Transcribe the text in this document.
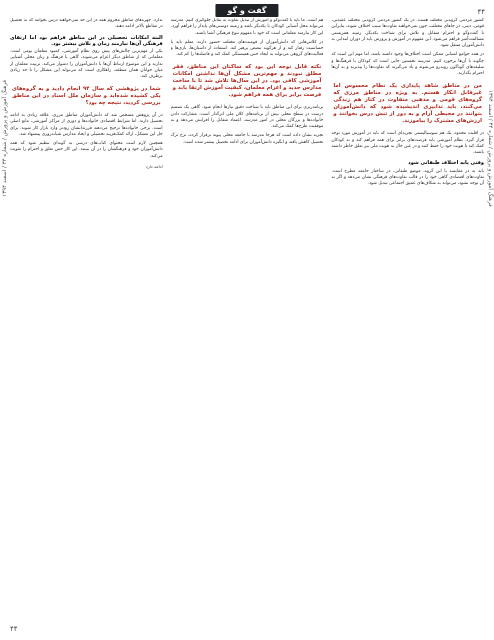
گفت و گو	۴۴
۴۴
فرهنگ آموزش و پرورش / شماره ۳۴ / اسفند ۱۳۹۴	فرهنگ آموزش و پرورش / شماره ۳۴ / اسفند ۱۳۹۴

کشور مردمی گروه‌بی مختلف هست. در یک کشور مردمی گروه‌بی مختلف عقیدتی، قومی، دینی، در جاهای مختلف، چون نمی‌خواهند تفاوت‌ها سبب اختلاف شوند، بنابراین با گفت‌وگو و احترام متقابل و تلاش برای شناخت یکدیگر، زمینه همزیستی مسالمت‌آمیز فراهم می‌شود. این مفهوم در آموزش و پرورش باید از دوران ابتدایی به دانش‌آموزان منتقل شود.

در همه جوامع انسانی ممکن است اختلاف‌ها وجود داشته باشد، اما مهم این است که چگونه با آن‌ها برخورد کنیم. مدرسه نخستین جایی است که کودکان با فرهنگ‌ها و سلیقه‌های گوناگون روبه‌رو می‌شوند و یاد می‌گیرند که تفاوت‌ها را بپذیرند و به آن‌ها احترام بگذارند.

من در مناطق شاهد پایداری یک نظام محسوس اما غیرقابل انکار هستم. به ویژه در مناطق مرزی که گروه‌های قومی و مذهبی متفاوت در کنار هم زندگی می‌کنند، باید تدابیری اندیشیده شود که دانش‌آموزان بتوانند در محیطی آرام و به دور از تنش درس بخوانند و ارزش‌های مشترک را بیاموزند.

در اقلیت محدود، یک هم‌ سوسیالیستی تجربه‌ای است که باید در آموزش مورد توجه قرار گیرد. نظام آموزشی باید فرصت‌های برابر برای همه فراهم کند و به کودکان کمک کند تا هویت خود را حفظ کنند و در عین حال به هویت ملی نیز تعلق خاطر داشته باشند.

وقتی پایه اختلاف طبقاتی شود

باید به در مقایسه با این گروه، موضع طبقاتی، در ساختار جامعه مطرح است. تفاوت‌های اقتصادی گاهی خود را در قالب تفاوت‌های فرهنگی نشان می‌دهد و اگر به آن توجه نشود، می‌تواند به شکاف‌های عمیق اجتماعی تبدیل شود.

هم است. ما باید با گفت‌وگو و آموزش از تبدیل تفاوت به تقابل جلوگیری کنیم. مدرسه می‌تواند محل آشنایی کودکان با یکدیگر باشد و زمینه دوستی‌های پایدار را فراهم آورد. این کار نیازمند معلمانی است که خود با مفهوم تنوع فرهنگی آشنا باشند.

در کلاس‌هایی که دانش‌آموزان از قومیت‌های مختلف حضور دارند، معلم باید با حساسیت رفتار کند و از هرگونه تبعیض پرهیز کند. استفاده از داستان‌ها، بازی‌ها و فعالیت‌های گروهی می‌تواند به ایجاد حس همبستگی کمک کند و فاصله‌ها را کم کند.

نکته قابل توجه این بود که ساکنان این مناطق، فقر مطلق نبودند و مهم‌ترین مشکل آن‌ها نداشتن امکانات آموزشی کافی بود. در این سال‌ها تلاش شد تا با ساخت مدارس جدید و اعزام معلمان، کیفیت آموزش ارتقا یابد و فرصت برابر برای همه فراهم شود.

برنامه‌ریزی برای این مناطق باید با شناخت دقیق نیازها انجام شود. گاهی یک تصمیم درست در سطح محلی بیش از برنامه‌های کلان ملی اثرگذار است. مشارکت دادن خانواده‌ها و بزرگان محلی در امور مدرسه، اعتماد متقابل را افزایش می‌دهد و به موفقیت طرح‌ها کمک می‌کند.

تجربه نشان داده است که هرجا مدرسه با جامعه محلی پیوند برقرار کرده، نرخ ترک تحصیل کاهش یافته و انگیزه دانش‌آموزان برای ادامه تحصیل بیشتر شده است.

ندارد. چهره‌های مناطق محروم همه در این حد نمی‌خواهند درس بخوانند که به تحصیل در مقاطع بالاتر ادامه دهند.

البته امکانات تحصیلی در این مناطق فراهم بود اما ارتقای فرهنگی آن‌ها نیازمند زمان و تلاش بیشتر بود.

یکی از مهم‌ترین چالش‌های پیش روی نظام آموزشی، کمبود معلمان بومی است. معلمانی که از مناطق دیگر اعزام می‌شوند، گاهی با فرهنگ و زبان محلی آشنایی ندارند و این موضوع ارتباط آن‌ها با دانش‌آموزان را دشوار می‌کند. تربیت معلمان از میان جوانان همان منطقه، راهکاری است که می‌تواند این مشکل را تا حد زیادی برطرف کند.

شما در پژوهشی که سال ۹۴ انجام دادید و به گروه‌های یکی کشیده شده‌اید و سازمان ملل اسناد در این مناطق بررسی کردید، نتیجه چه بود؟

در آن پژوهش مشخص شد که دانش‌آموزان مناطق مرزی، علاقه زیادی به ادامه تحصیل دارند، اما شرایط اقتصادی خانواده‌ها و دوری از مراکز آموزشی، مانع اصلی است. برخی خانواده‌ها ترجیح می‌دهند فرزندانشان زودتر وارد بازار کار شوند. برای حل این مشکل، ارائه کمک‌هزینه تحصیلی و ایجاد مدارس شبانه‌روزی پیشنهاد شد.

همچنین لازم است محتوای کتاب‌های درسی به گونه‌ای تنظیم شود که همه دانش‌آموزان خود و فرهنگشان را در آن ببینند. این کار حس تعلق و احترام را تقویت می‌کند.

ادامه دارد
